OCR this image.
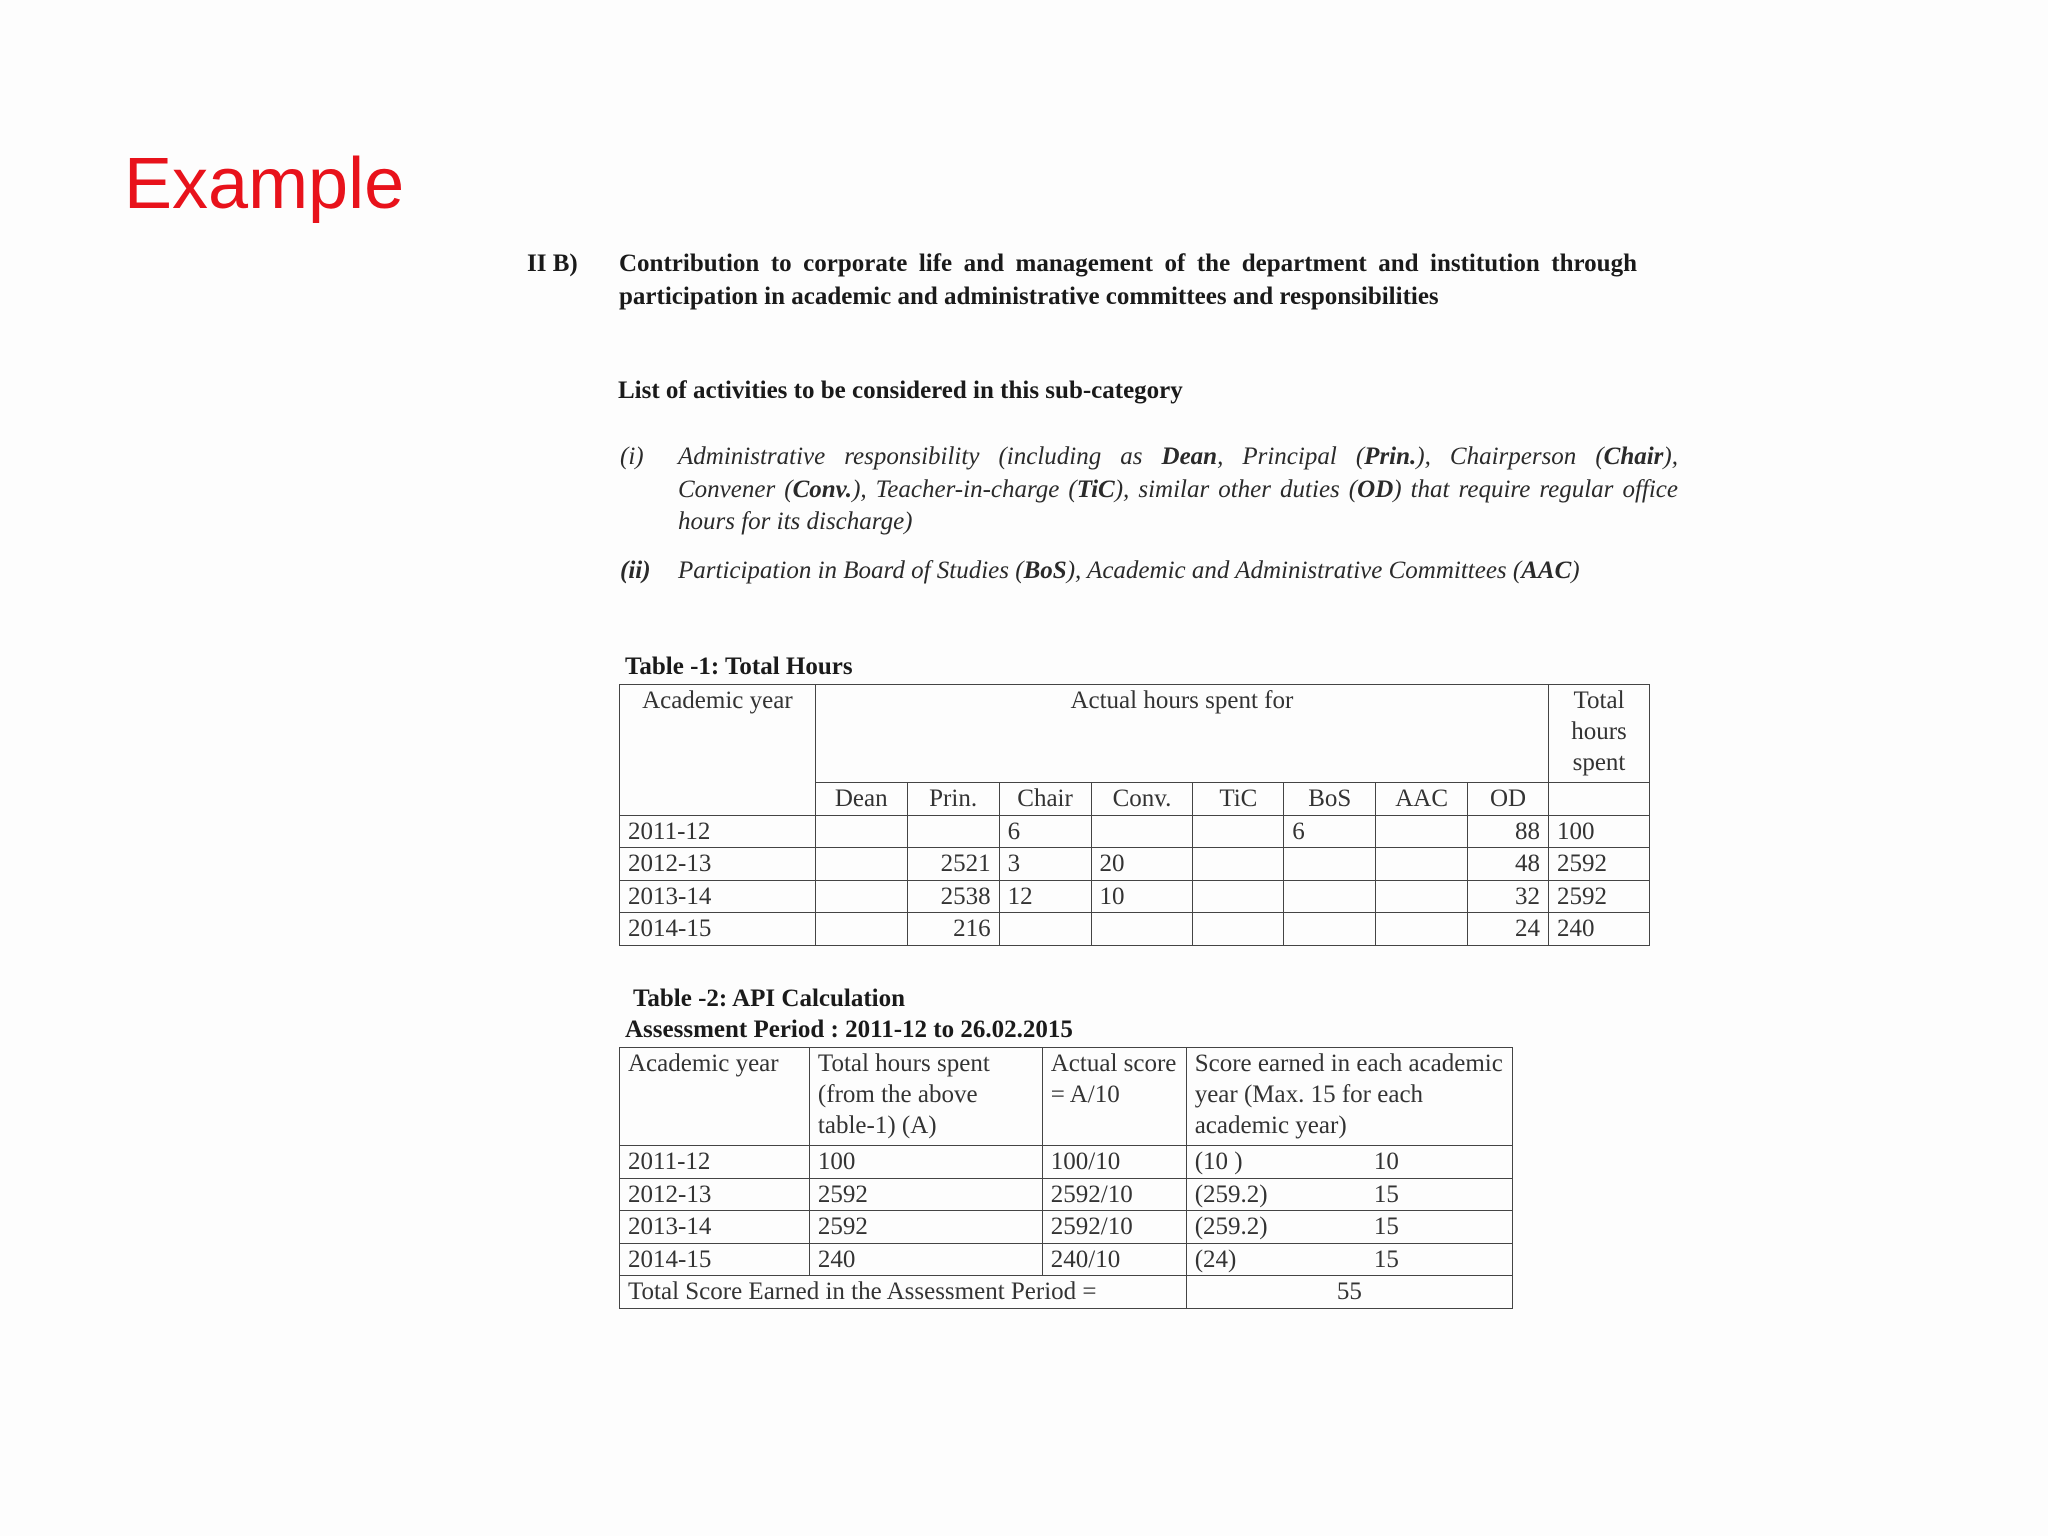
Example
II B) Contribution to corporate life and management of the department and institution through participation in academic and administrative committees and responsibilities
List of activities to be considered in this sub-category
(i) Administrative responsibility (including as Dean, Principal (Prin.), Chairperson (Chair), Convener (Conv.), Teacher-in-charge (TiC), similar other duties (OD) that require regular office hours for its discharge)
(ii) Participation in Board of Studies (BoS), Academic and Administrative Committees (AAC)
Table -1: Total Hours
Academic year	Actual hours spent for								Total hours spent
	Dean	Prin.	Chair	Conv.	TiC	BoS	AAC	OD	
2011-12			6			6		88	100
2012-13		2521	3	20				48	2592
2013-14		2538	12	10				32	2592
2014-15		216						24	240
Table -2: API Calculation
Assessment Period : 2011-12 to 26.02.2015
Academic year	Total hours spent (from the above table-1) (A)	Actual score = A/10	Score earned in each academic year (Max. 15 for each academic year)	
2011-12	100	100/10	(10 )	10
2012-13	2592	2592/10	(259.2)	15
2013-14	2592	2592/10	(259.2)	15
2014-15	240	240/10	(24)	15
Total Score Earned in the Assessment Period =			55	
